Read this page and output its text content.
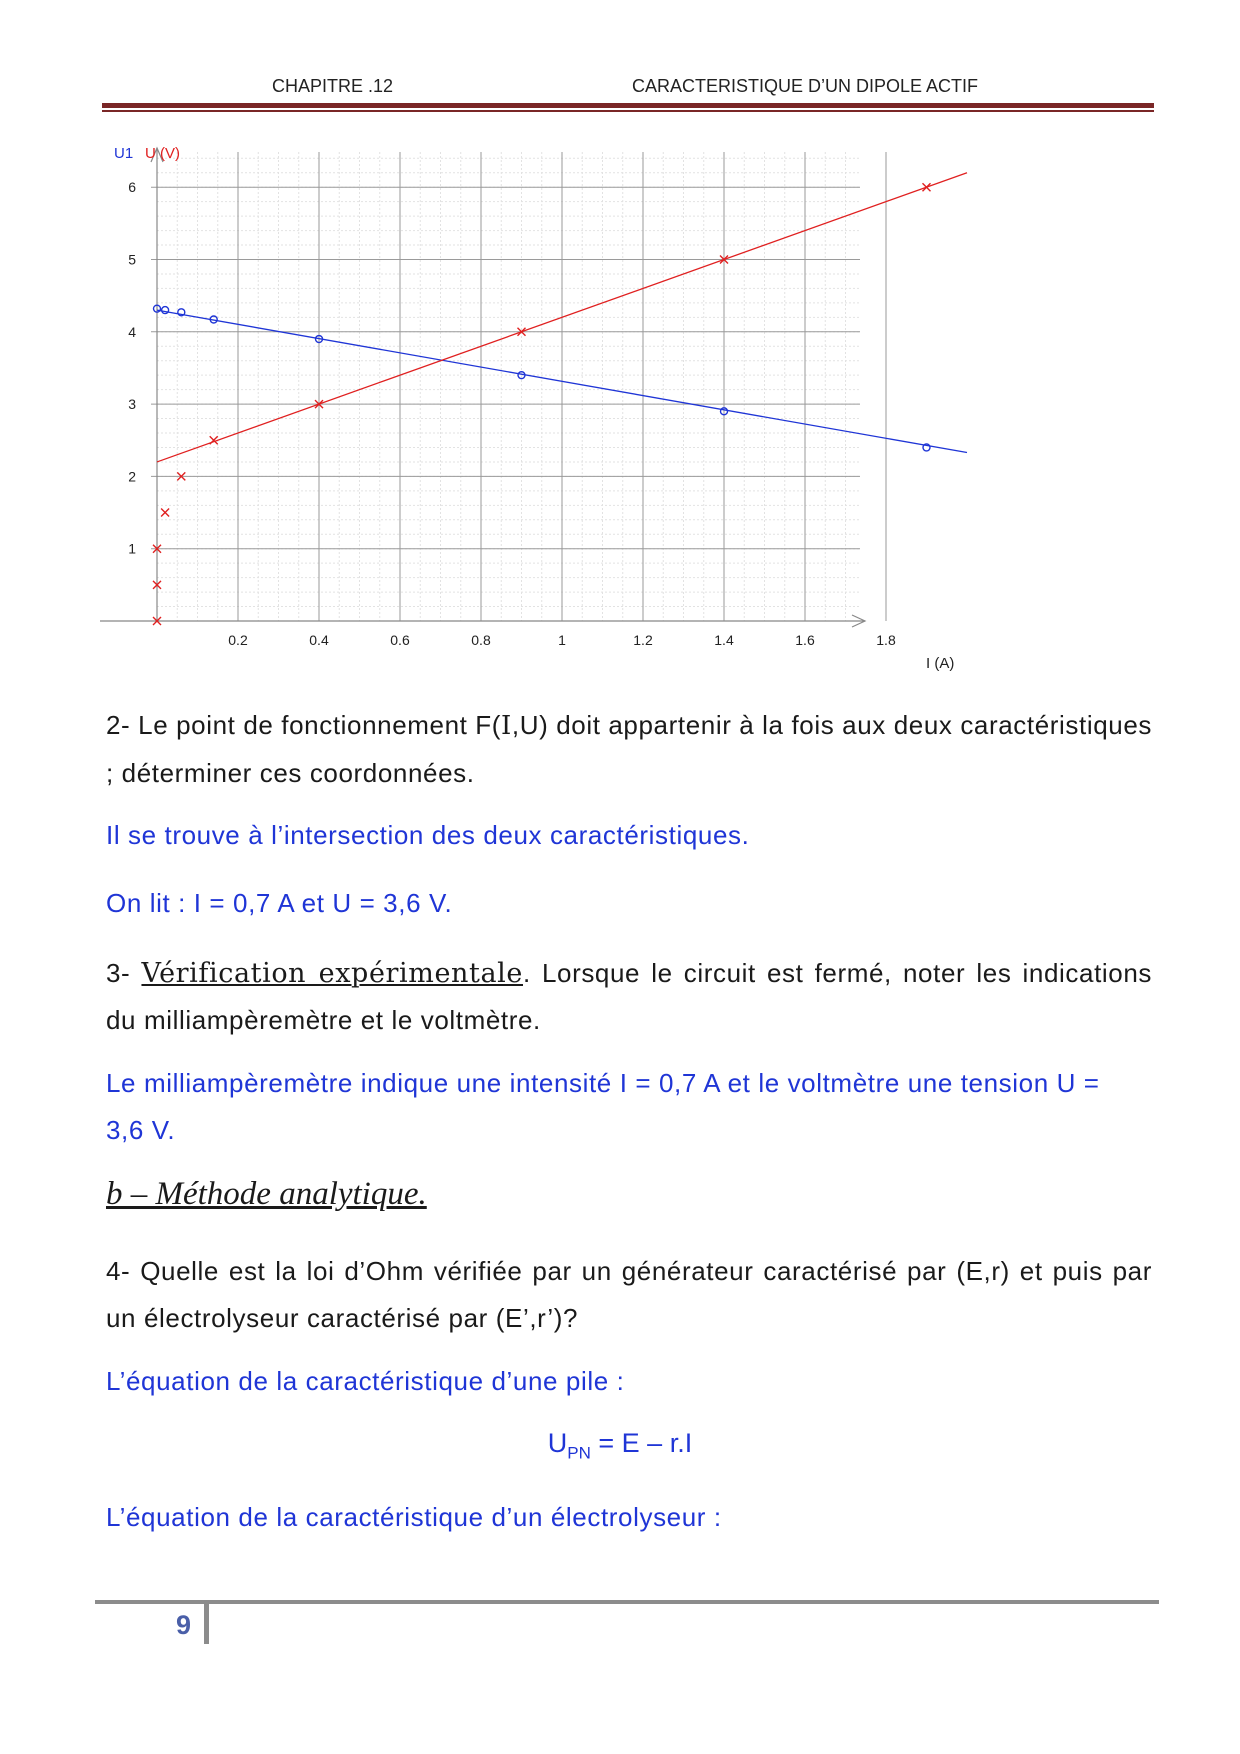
CHAPITRE .12	CARACTERISTIQUE D’UN DIPOLE ACTIF
U1 U (V)
I (A)
0.2	0.4	0.6	0.8	1	1.2	1.4	1.6	1.8
1
2
3
4
5
6
2- Le point de fonctionnement F(I,U) doit appartenir à la fois aux deux caractéristiques ; déterminer ces coordonnées.
Il se trouve à l’intersection des deux caractéristiques.
On lit : I = 0,7 A et U = 3,6 V.
3- Vérification expérimentale. Lorsque le circuit est fermé, noter les indications du milliampèremètre et le voltmètre.
Le milliampèremètre indique une intensité I = 0,7 A et le voltmètre une tension U = 3,6 V.
b – Méthode analytique.
4- Quelle est la loi d’Ohm vérifiée par un générateur caractérisé par (E,r) et puis par un électrolyseur caractérisé par (E’,r’)?
L’équation de la caractéristique d’une pile :
$U_{PN} = E - r.I$
L’équation de la caractéristique d’un électrolyseur :
9
